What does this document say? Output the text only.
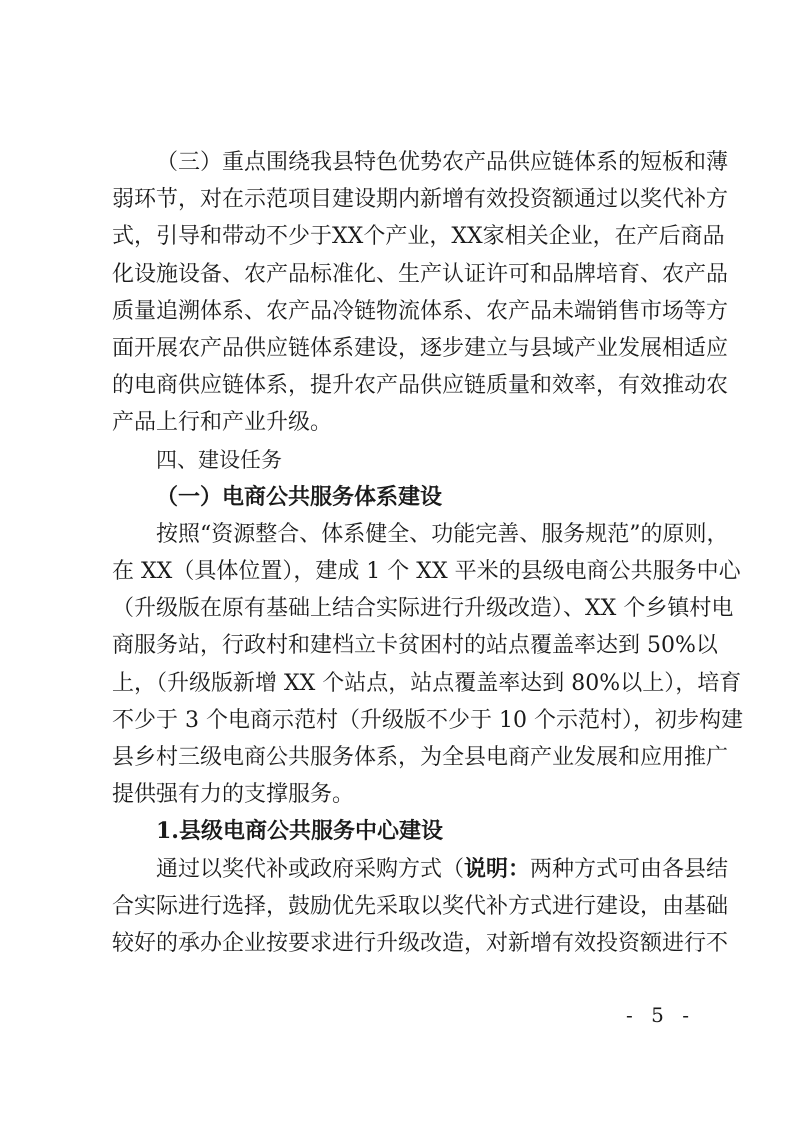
（三）重点围绕我县特色优势农产品供应链体系的短板和薄
弱环节，对在示范项目建设期内新增有效投资额通过以奖代补方
式，引导和带动不少于XX个产业，XX家相关企业，在产后商品
化设施设备、农产品标准化、生产认证许可和品牌培育、农产品
质量追溯体系、农产品冷链物流体系、农产品未端销售市场等方
面开展农产品供应链体系建设，逐步建立与县域产业发展相适应
的电商供应链体系，提升农产品供应链质量和效率，有效推动农
产品上行和产业升级。
四、建设任务
（一）电商公共服务体系建设
按照“资源整合、体系健全、功能完善、服务规范”的原则，
在 XX（具体位置），建成 1 个 XX 平米的县级电商公共服务中心
（升级版在原有基础上结合实际进行升级改造）、XX 个乡镇村电
商服务站，行政村和建档立卡贫困村的站点覆盖率达到 50%以
上，（升级版新增 XX 个站点，站点覆盖率达到 80%以上），培育
不少于 3 个电商示范村（升级版不少于 10 个示范村），初步构建
县乡村三级电商公共服务体系，为全县电商产业发展和应用推广
提供强有力的支撑服务。
1.县级电商公共服务中心建设
通过以奖代补或政府采购方式（说明：两种方式可由各县结
合实际进行选择，鼓励优先采取以奖代补方式进行建设，由基础
较好的承办企业按要求进行升级改造，对新增有效投资额进行不
- 5 -
